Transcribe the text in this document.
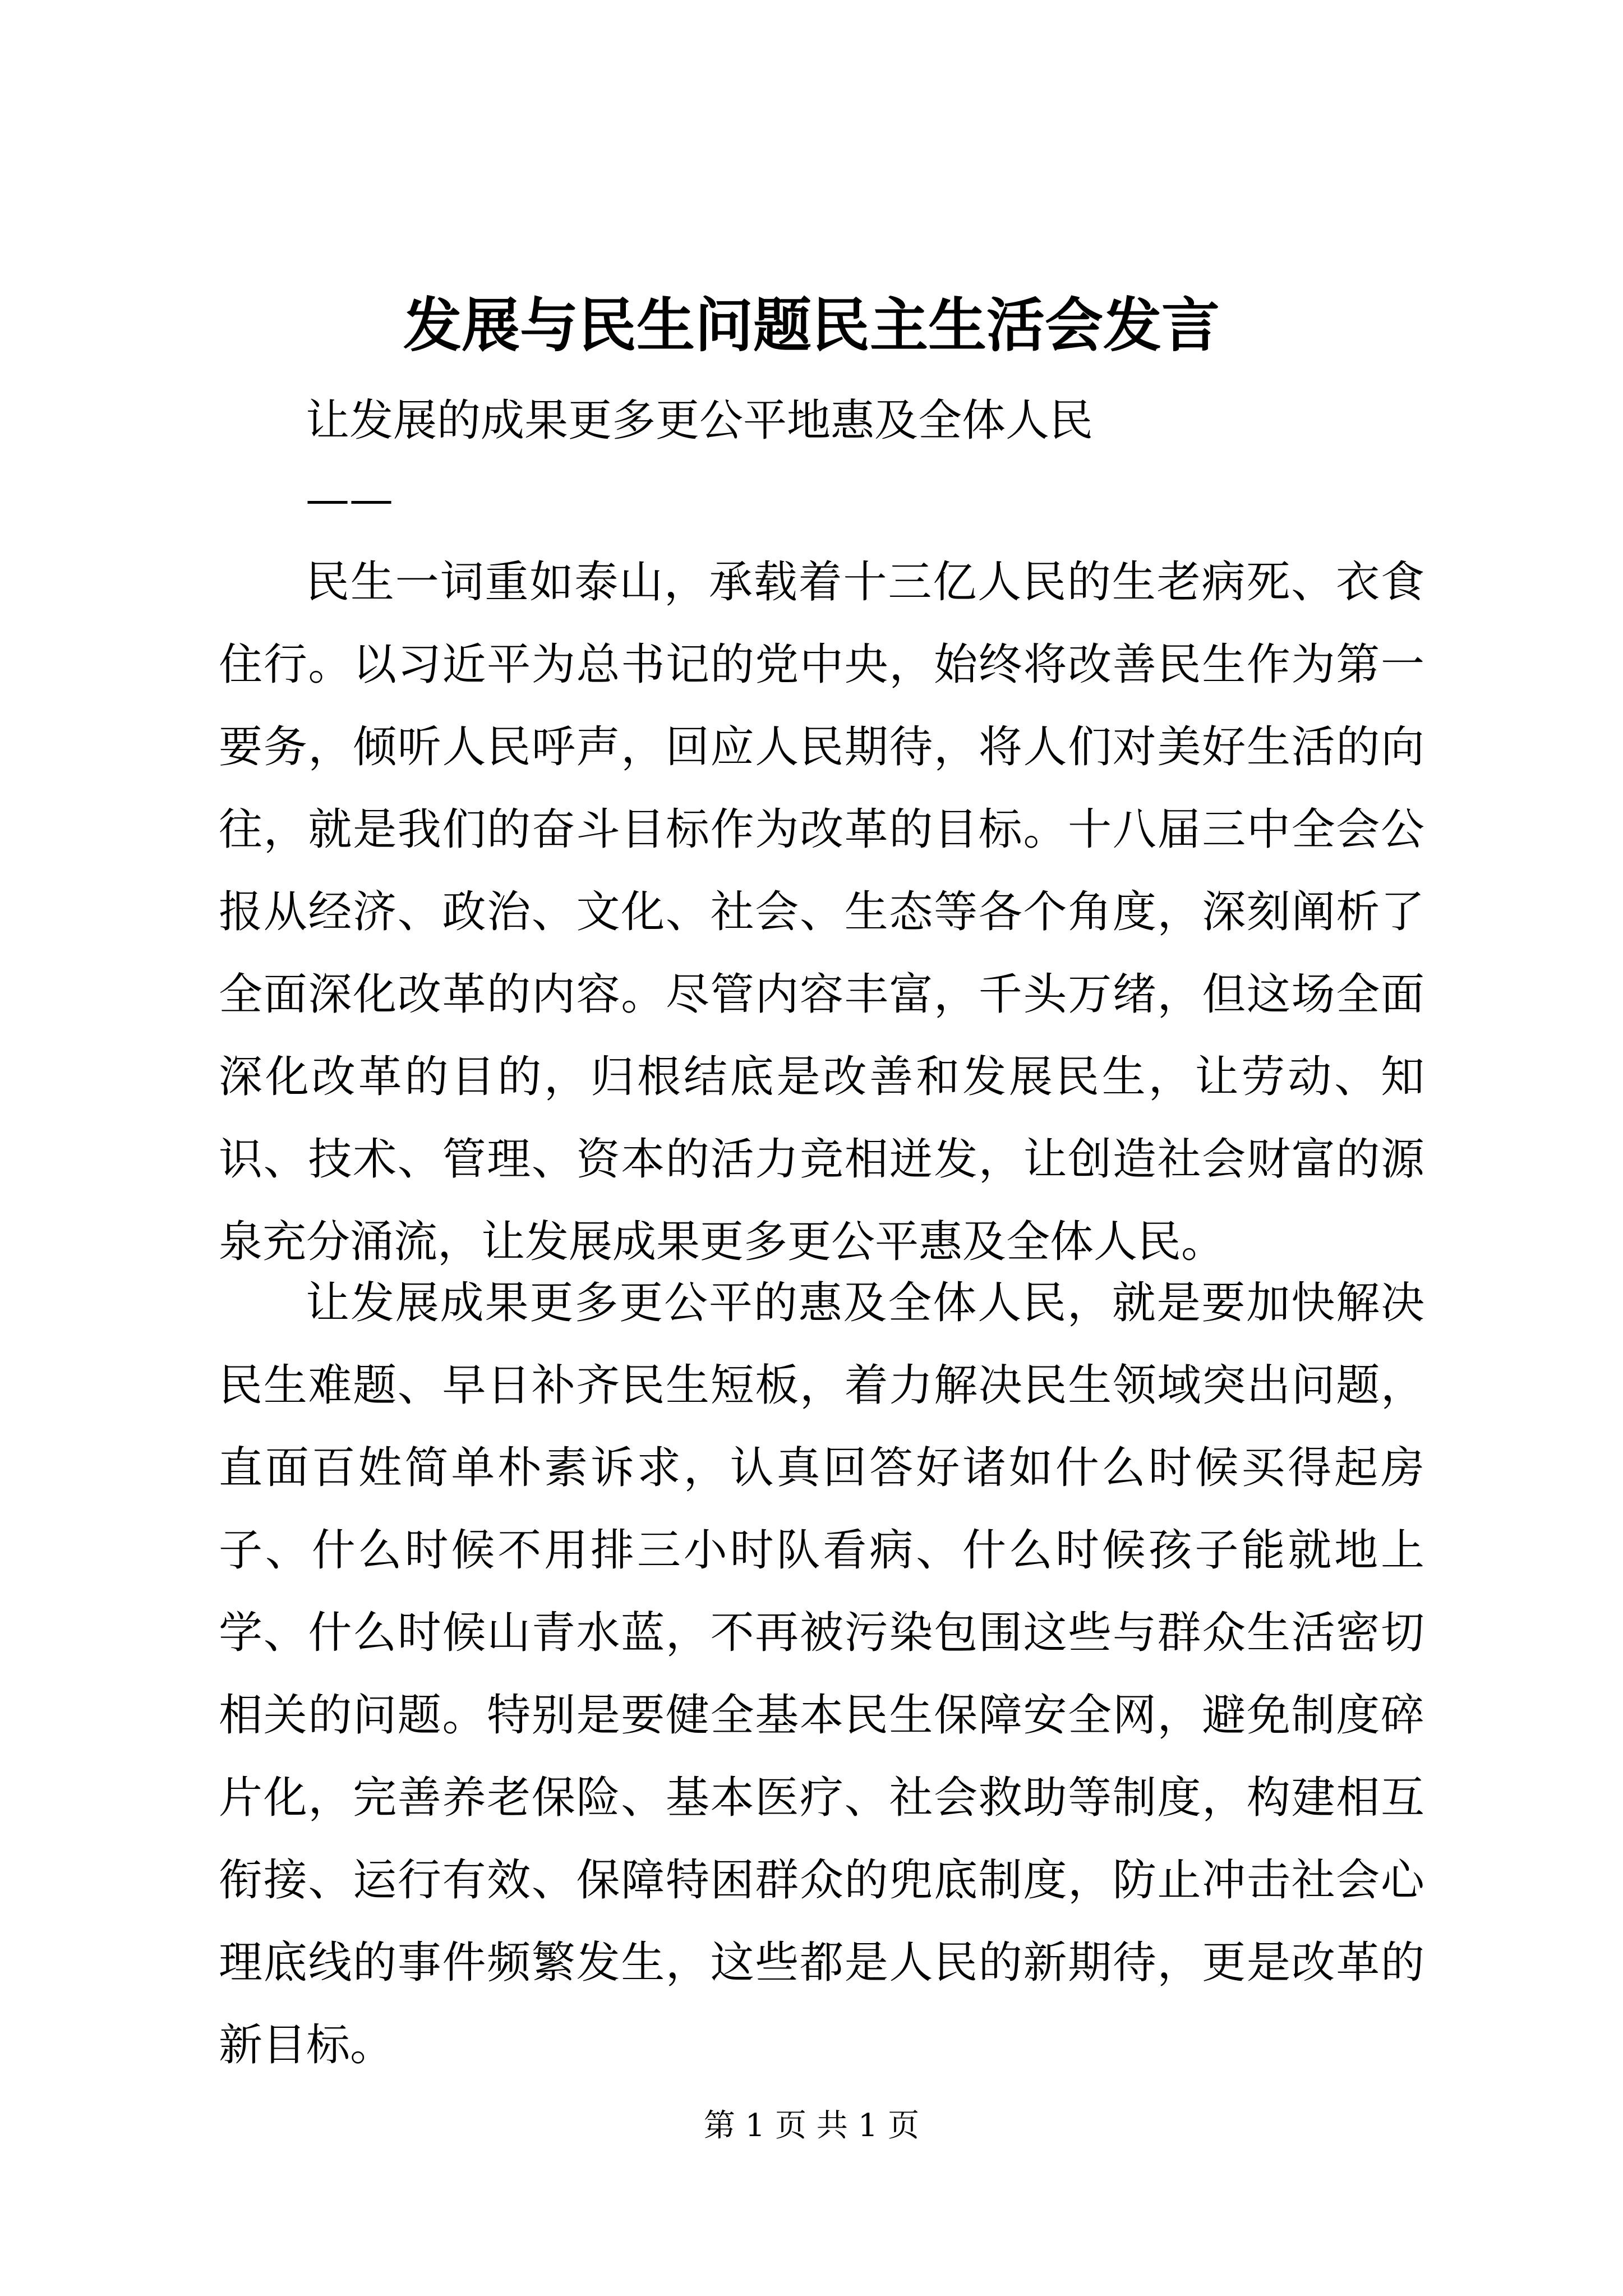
发展与民生问题民主生活会发言
让发展的成果更多更公平地惠及全体人民
——

民生一词重如泰山，承载着十三亿人民的生老病死、衣食住行。以习近平为总书记的党中央，始终将改善民生作为第一要务，倾听人民呼声，回应人民期待，将人们对美好生活的向往，就是我们的奋斗目标作为改革的目标。十八届三中全会公报从经济、政治、文化、社会、生态等各个角度，深刻阐析了全面深化改革的内容。尽管内容丰富，千头万绪，但这场全面深化改革的目的，归根结底是改善和发展民生，让劳动、知识、技术、管理、资本的活力竞相迸发，让创造社会财富的源泉充分涌流，让发展成果更多更公平惠及全体人民。

让发展成果更多更公平的惠及全体人民，就是要加快解决民生难题、早日补齐民生短板，着力解决民生领域突出问题，直面百姓简单朴素诉求，认真回答好诸如什么时候买得起房子、什么时候不用排三小时队看病、什么时候孩子能就地上学、什么时候山青水蓝，不再被污染包围这些与群众生活密切相关的问题。特别是要健全基本民生保障安全网，避免制度碎片化，完善养老保险、基本医疗、社会救助等制度，构建相互衔接、运行有效、保障特困群众的兜底制度，防止冲击社会心理底线的事件频繁发生，这些都是人民的新期待，更是改革的新目标。

第 1 页 共 1 页
